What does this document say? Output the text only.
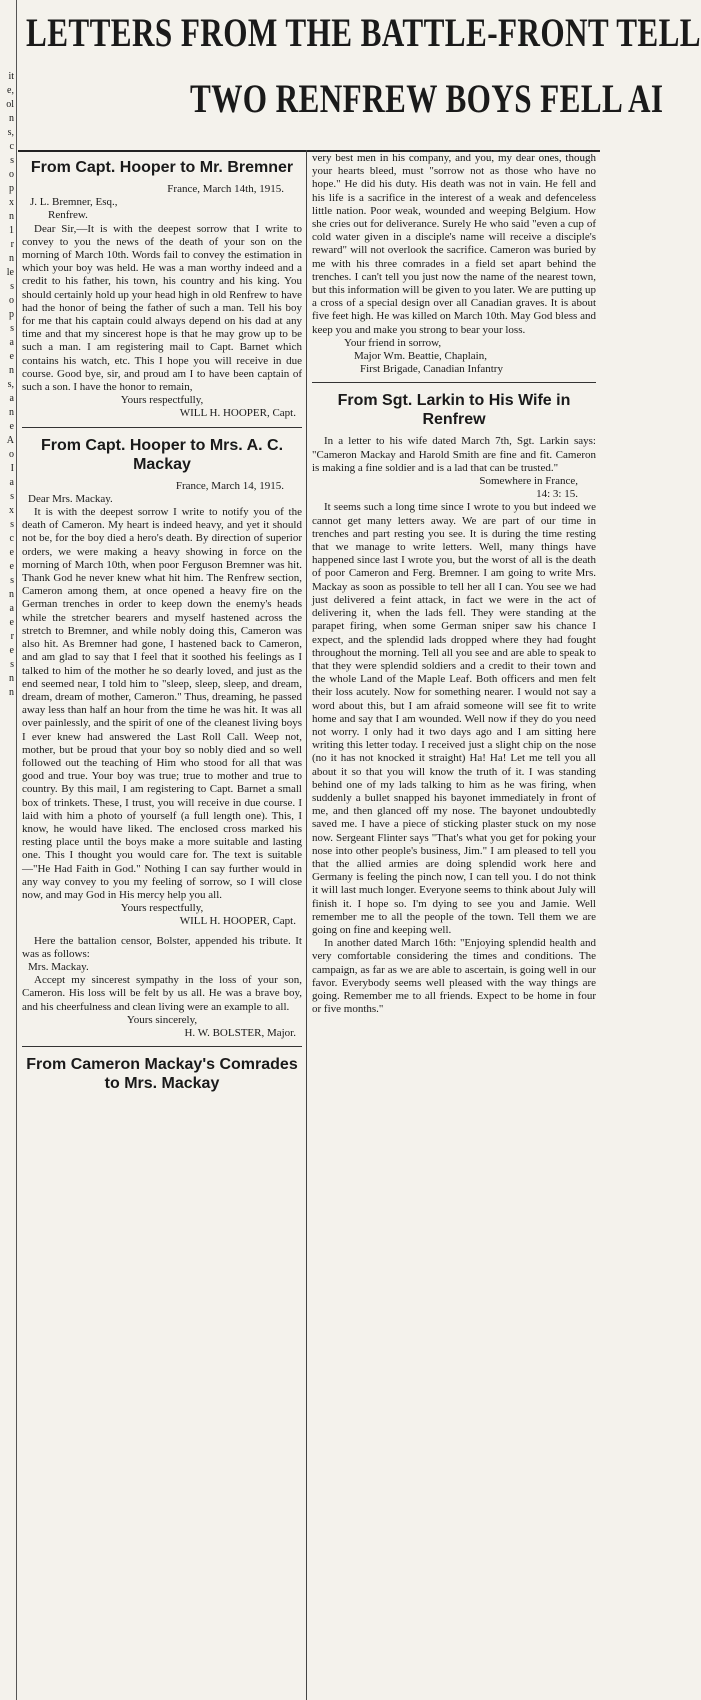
it
e,
ol
n
s,
c
s
o
p
x
n
1
r
n
le
s
o
p
s
a
e
n
s,
a
n
e
A
o
I
a
s
x
s
c
e
e
s
n
a
e
r
e
s
n
n
LETTERS FROM THE BATTLE-FRONT TELL
TWO RENFREW BOYS FELL AI
From Capt. Hooper to Mr. Bremner
France, March 14th, 1915.
J. L. Bremner, Esq.,
Renfrew.

Dear Sir,—It is with the deepest sorrow that I write to convey to you the news of the death of your son on the morning of March 10th. Words fail to convey the estimation in which your boy was held. He was a man worthy indeed and a credit to his father, his town, his country and his king. You should certainly hold up your head high in old Renfrew to have had the honor of being the father of such a man. Tell his boy for me that his captain could always depend on his dad at any time and that my sincerest hope is that he may grow up to be such a man. I am registering mail to Capt. Barnet which contains his watch, etc. This I hope you will receive in due course. Good bye, sir, and proud am I to have been captain of such a son. I have the honor to remain,

Yours respectfully,
WILL H. HOOPER, Capt.
From Capt. Hooper to Mrs. A. C. Mackay
France, March 14, 1915.
Dear Mrs. Mackay.

It is with the deepest sorrow I write to notify you of the death of Cameron. My heart is indeed heavy, and yet it should not be, for the boy died a hero's death. By direction of superior orders, we were making a heavy showing in force on the morning of March 10th, when poor Ferguson Bremner was hit. Thank God he never knew what hit him. The Renfrew section, Cameron among them, at once opened a heavy fire on the German trenches in order to keep down the enemy's heads while the stretcher bearers and myself hastened across the stretch to Bremner, and while nobly doing this, Cameron was also hit. As Bremner had gone, I hastened back to Cameron, and am glad to say that I feel that it soothed his feelings as I talked to him of the mother he so dearly loved, and just as the end seemed near, I told him to "sleep, sleep, sleep, and dream, dream, dream of mother, Cameron." Thus, dreaming, he passed away less than half an hour from the time he was hit. It was all over painlessly, and the spirit of one of the cleanest living boys I ever knew had answered the Last Roll Call. Weep not, mother, but be proud that your boy so nobly died and so well followed out the teaching of Him who stood for all that was good and true. Your boy was true; true to mother and true to country. By this mail, I am registering to Capt. Barnet a small box of trinkets. These, I trust, you will receive in due course. I laid with him a photo of yourself (a full length one). This, I know, he would have liked. The enclosed cross marked his resting place until the boys make a more suitable and lasting one. This I thought you would care for. The text is suitable—"He Had Faith in God." Nothing I can say further would in any way convey to you my feeling of sorrow, so I will close now, and may God in His mercy help you all.

Yours respectfully,
WILL H. HOOPER, Capt.

Here the battalion censor, Bolster, appended his tribute. It was as follows:

Mrs. Mackay.

Accept my sincerest sympathy in the loss of your son, Cameron. His loss will be felt by us all. He was a brave boy, and his cheerfulness and clean living were an example to all.

Yours sincerely,
H. W. BOLSTER, Major.
From Cameron Mackay's Comrades to Mrs. Mackay

very best men in his company, and you, my dear ones, though your hearts bleed, must "sorrow not as those who have no hope." He did his duty. His death was not in vain. He fell and his life is a sacrifice in the interest of a weak and defenceless little nation. Poor weak, wounded and weeping Belgium. How she cries out for deliverance. Surely He who said "even a cup of cold water given in a disciple's name will receive a disciple's reward" will not overlook the sacrifice. Cameron was buried by me with his three comrades in a field set apart behind the trenches. I can't tell you just now the name of the nearest town, but this information will be given to you later. We are putting up a cross of a special design over all Canadian graves. It is about five feet high. He was killed on March 10th. May God bless and keep you and make you strong to bear your loss.

Your friend in sorrow,
Major Wm. Beattie, Chaplain,
First Brigade, Canadian Infantry
From Sgt. Larkin to His Wife in Renfrew

In a letter to his wife dated March 7th, Sgt. Larkin says: "Cameron Mackay and Harold Smith are fine and fit. Cameron is making a fine soldier and is a lad that can be trusted."

Somewhere in France,
14: 3: 15.

It seems such a long time since I wrote to you but indeed we cannot get many letters away. We are part of our time in trenches and part resting you see. It is during the time resting that we manage to write letters. Well, many things have happened since last I wrote you, but the worst of all is the death of poor Cameron and Ferg. Bremner. I am going to write Mrs. Mackay as soon as possible to tell her all I can. You see we had just delivered a feint attack, in fact we were in the act of delivering it, when the lads fell. They were standing at the parapet firing, when some German sniper saw his chance I expect, and the splendid lads dropped where they had fought throughout the morning. Tell all you see and are able to speak to that they were splendid soldiers and a credit to their town and the whole Land of the Maple Leaf. Both officers and men felt their loss acutely. Now for something nearer. I would not say a word about this, but I am afraid someone will see fit to write home and say that I am wounded. Well now if they do you need not worry. I only had it two days ago and I am sitting here writing this letter today. I received just a slight chip on the nose (no it has not knocked it straight) Ha! Ha! Let me tell you all about it so that you will know the truth of it. I was standing behind one of my lads talking to him as he was firing, when suddenly a bullet snapped his bayonet immediately in front of me, and then glanced off my nose. The bayonet undoubtedly saved me. I have a piece of sticking plaster stuck on my nose now. Sergeant Flinter says "That's what you get for poking your nose into other people's business, Jim." I am pleased to tell you that the allied armies are doing splendid work here and Germany is feeling the pinch now, I can tell you. I do not think it will last much longer. Everyone seems to think about July will finish it. I hope so. I'm dying to see you and Jamie. Well remember me to all the people of the town. Tell them we are going on fine and keeping well.

In another dated March 16th: "Enjoying splendid health and very comfortable considering the times and conditions. The campaign, as far as we are able to ascertain, is going well in our favor. Everybody seems well pleased with the way things are going. Remember me to all friends. Expect to be home in four or five months."
